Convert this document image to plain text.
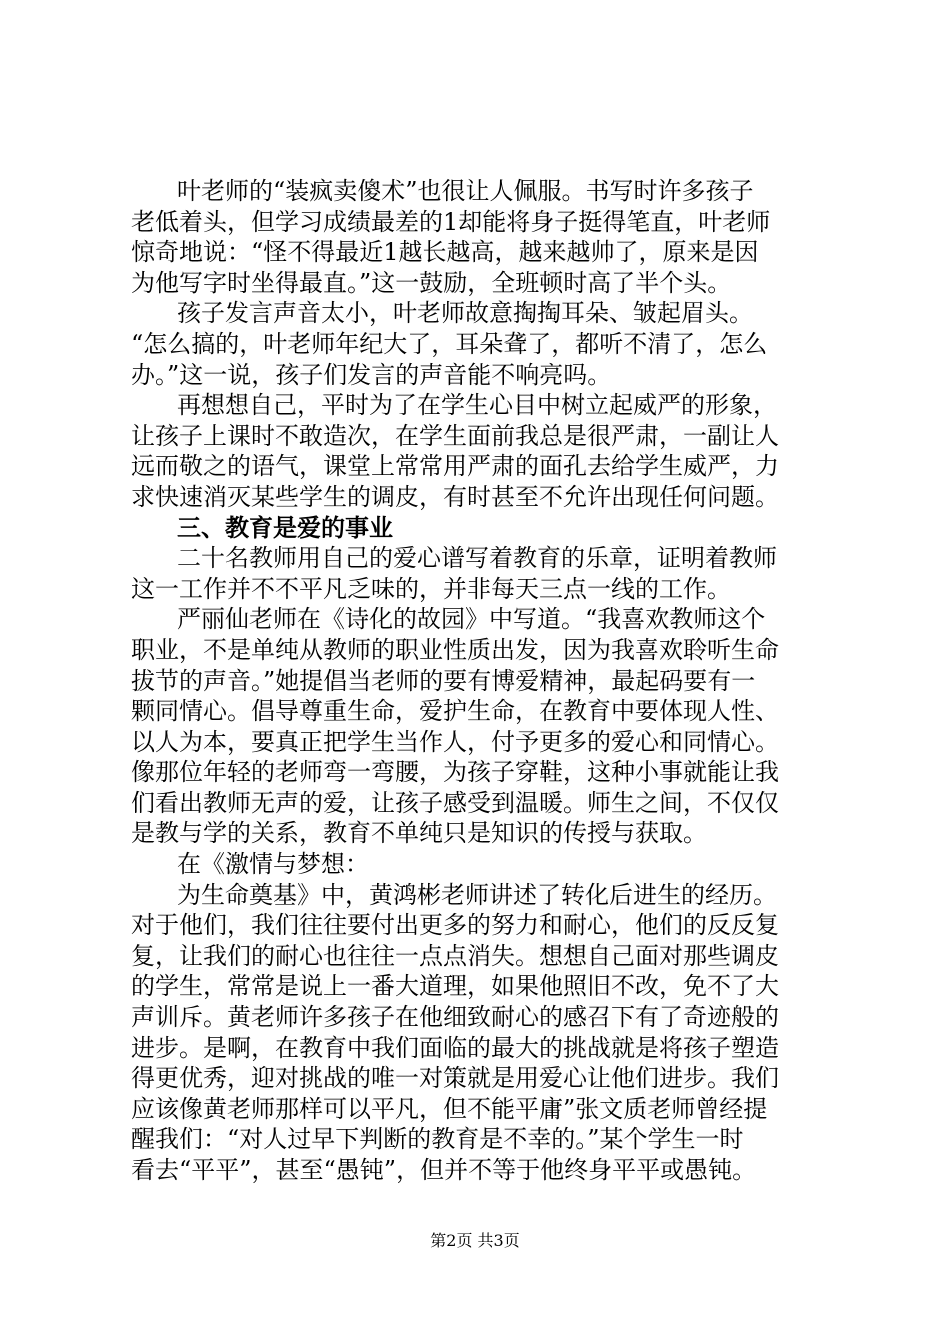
叶老师的“装疯卖傻术”也很让人佩服。书写时许多孩子
老低着头，但学习成绩最差的1却能将身子挺得笔直，叶老师
惊奇地说：“怪不得最近1越长越高，越来越帅了，原来是因
为他写字时坐得最直。”这一鼓励，全班顿时高了半个头。
孩子发言声音太小，叶老师故意掏掏耳朵、皱起眉头。
“怎么搞的，叶老师年纪大了，耳朵聋了，都听不清了，怎么
办。”这一说，孩子们发言的声音能不响亮吗。
再想想自己，平时为了在学生心目中树立起威严的形象，
让孩子上课时不敢造次，在学生面前我总是很严肃，一副让人
远而敬之的语气，课堂上常常用严肃的面孔去给学生威严，力
求快速消灭某些学生的调皮，有时甚至不允许出现任何问题。
三、教育是爱的事业
二十名教师用自己的爱心谱写着教育的乐章，证明着教师
这一工作并不不平凡乏味的，并非每天三点一线的工作。
严丽仙老师在《诗化的故园》中写道。“我喜欢教师这个
职业，不是单纯从教师的职业性质出发，因为我喜欢聆听生命
拔节的声音。”她提倡当老师的要有博爱精神，最起码要有一
颗同情心。倡导尊重生命，爱护生命，在教育中要体现人性、
以人为本，要真正把学生当作人，付予更多的爱心和同情心。
像那位年轻的老师弯一弯腰，为孩子穿鞋，这种小事就能让我
们看出教师无声的爱，让孩子感受到温暖。师生之间，不仅仅
是教与学的关系，教育不单纯只是知识的传授与获取。
在《激情与梦想：
为生命奠基》中，黄鸿彬老师讲述了转化后进生的经历。
对于他们，我们往往要付出更多的努力和耐心，他们的反反复
复，让我们的耐心也往往一点点消失。想想自己面对那些调皮
的学生，常常是说上一番大道理，如果他照旧不改，免不了大
声训斥。黄老师许多孩子在他细致耐心的感召下有了奇迹般的
进步。是啊，在教育中我们面临的最大的挑战就是将孩子塑造
得更优秀，迎对挑战的唯一对策就是用爱心让他们进步。我们
应该像黄老师那样可以平凡，但不能平庸”张文质老师曾经提
醒我们：“对人过早下判断的教育是不幸的。”某个学生一时
看去“平平”，甚至“愚钝”，但并不等于他终身平平或愚钝。
第2页 共3页
